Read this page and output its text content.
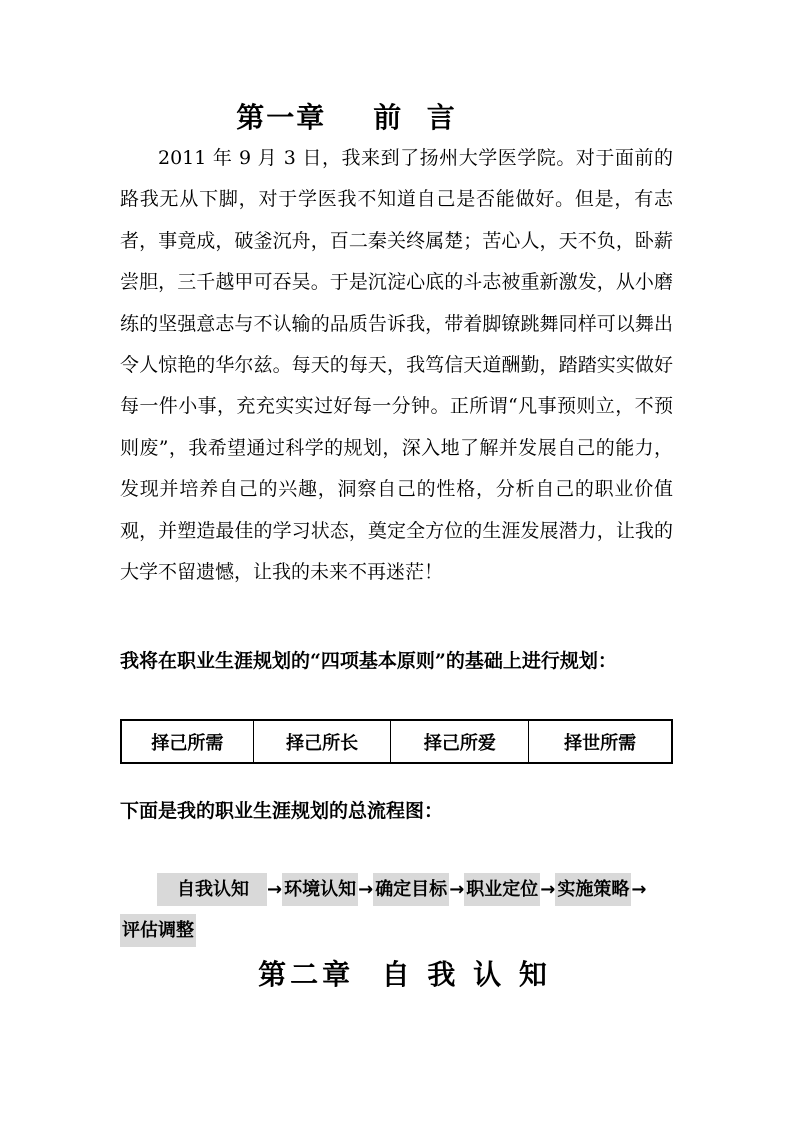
第一章    前  言

2011 年 9 月 3 日，我来到了扬州大学医学院。对于面前的路我无从下脚，对于学医我不知道自己是否能做好。但是，有志者，事竟成，破釜沉舟，百二秦关终属楚；苦心人，天不负，卧薪尝胆，三千越甲可吞吴。于是沉淀心底的斗志被重新激发，从小磨练的坚强意志与不认输的品质告诉我，带着脚镣跳舞同样可以舞出令人惊艳的华尔兹。每天的每天，我笃信天道酬勤，踏踏实实做好每一件小事，充充实实过好每一分钟。正所谓“凡事预则立，不预则废”，我希望通过科学的规划，深入地了解并发展自己的能力，发现并培养自己的兴趣，洞察自己的性格，分析自己的职业价值观，并塑造最佳的学习状态，奠定全方位的生涯发展潜力，让我的大学不留遗憾，让我的未来不再迷茫！

我将在职业生涯规划的“四项基本原则”的基础上进行规划：

择己所需	择己所长	择己所爱	择世所需

下面是我的职业生涯规划的总流程图：

自我认知 → 环境认知 → 确定目标 → 职业定位 → 实施策略 →
评估调整
第二章  自 我 认 知
